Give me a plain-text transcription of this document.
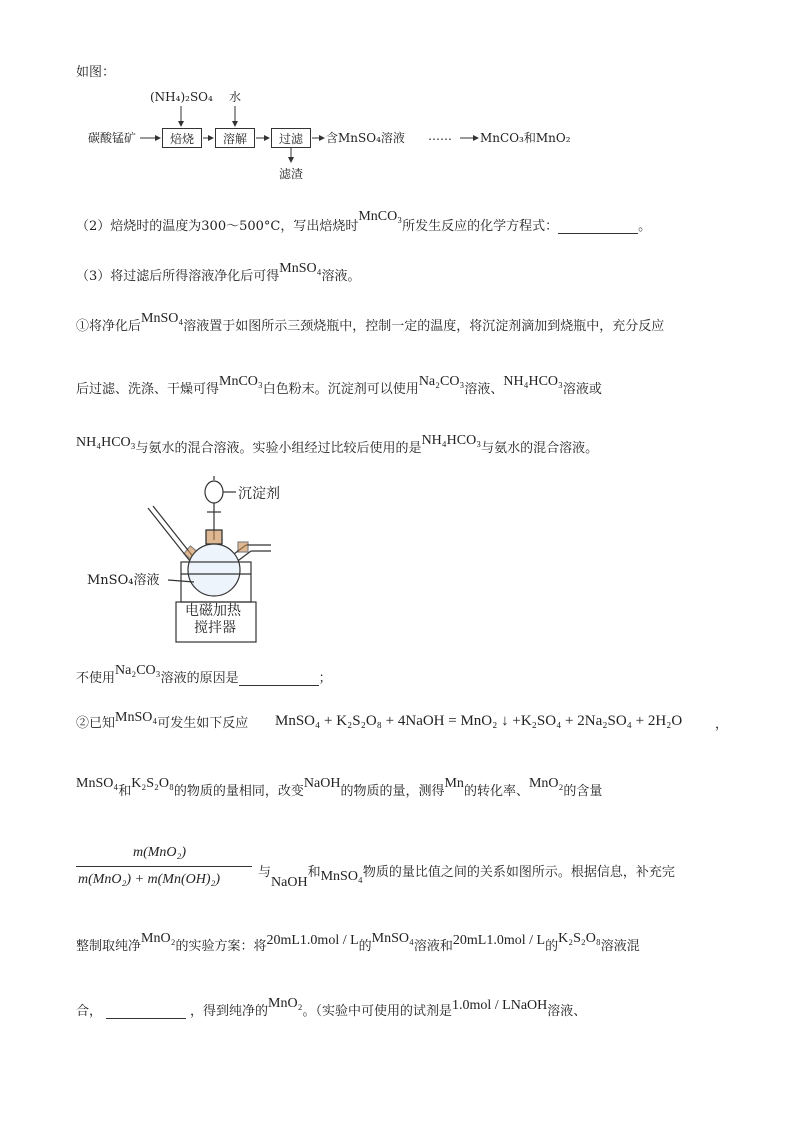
如图：
(NH₄)₂SO₄ 水
碳酸锰矿	焙烧	溶解	过滤	含MnSO₄溶液 …… MnCO₃和MnO₂
滤渣
（2）焙烧时的温度为300～500°C，写出焙烧时MnCO₃所发生反应的化学方程式：	。
（3）将过滤后所得溶液净化后可得MnSO₄溶液。
①将净化后MnSO₄溶液置于如图所示三颈烧瓶中，控制一定的温度，将沉淀剂滴加到烧瓶中，充分反应
后过滤、洗涤、干燥可得MnCO₃白色粉末。沉淀剂可以使用Na₂CO₃溶液、NH₄HCO₃溶液或
NH₄HCO₃与氨水的混合溶液。实验小组经过比较后使用的是NH₄HCO₃与氨水的混合溶液。
沉淀剂
MnSO₄溶液
电磁加热
搅拌器
不使用Na₂CO₃溶液的原因是	；
②已知MnSO₄可发生如下反应 MnSO₄ + K₂S₂O₈ + 4NaOH = MnO₂ ↓ +K₂SO₄ + 2Na₂SO₄ + 2H₂O	，
MnSO₄和K₂S₂O₈的物质的量相同，改变NaOH的物质的量，测得Mn的转化率、MnO₂的含量
m(MnO₂)
m(MnO₂) + m(Mn(OH)₂)	与NaOH和MnSO₄物质的量比值之间的关系如图所示。根据信息，补充完
整制取纯净MnO₂的实验方案：将20mL1.0mol / L的MnSO₄溶液和20mL1.0mol / L的K₂S₂O₈溶液混
合，	，得到纯净的MnO₂。（实验中可使用的试剂是1.0mol / LNaOH溶液、
